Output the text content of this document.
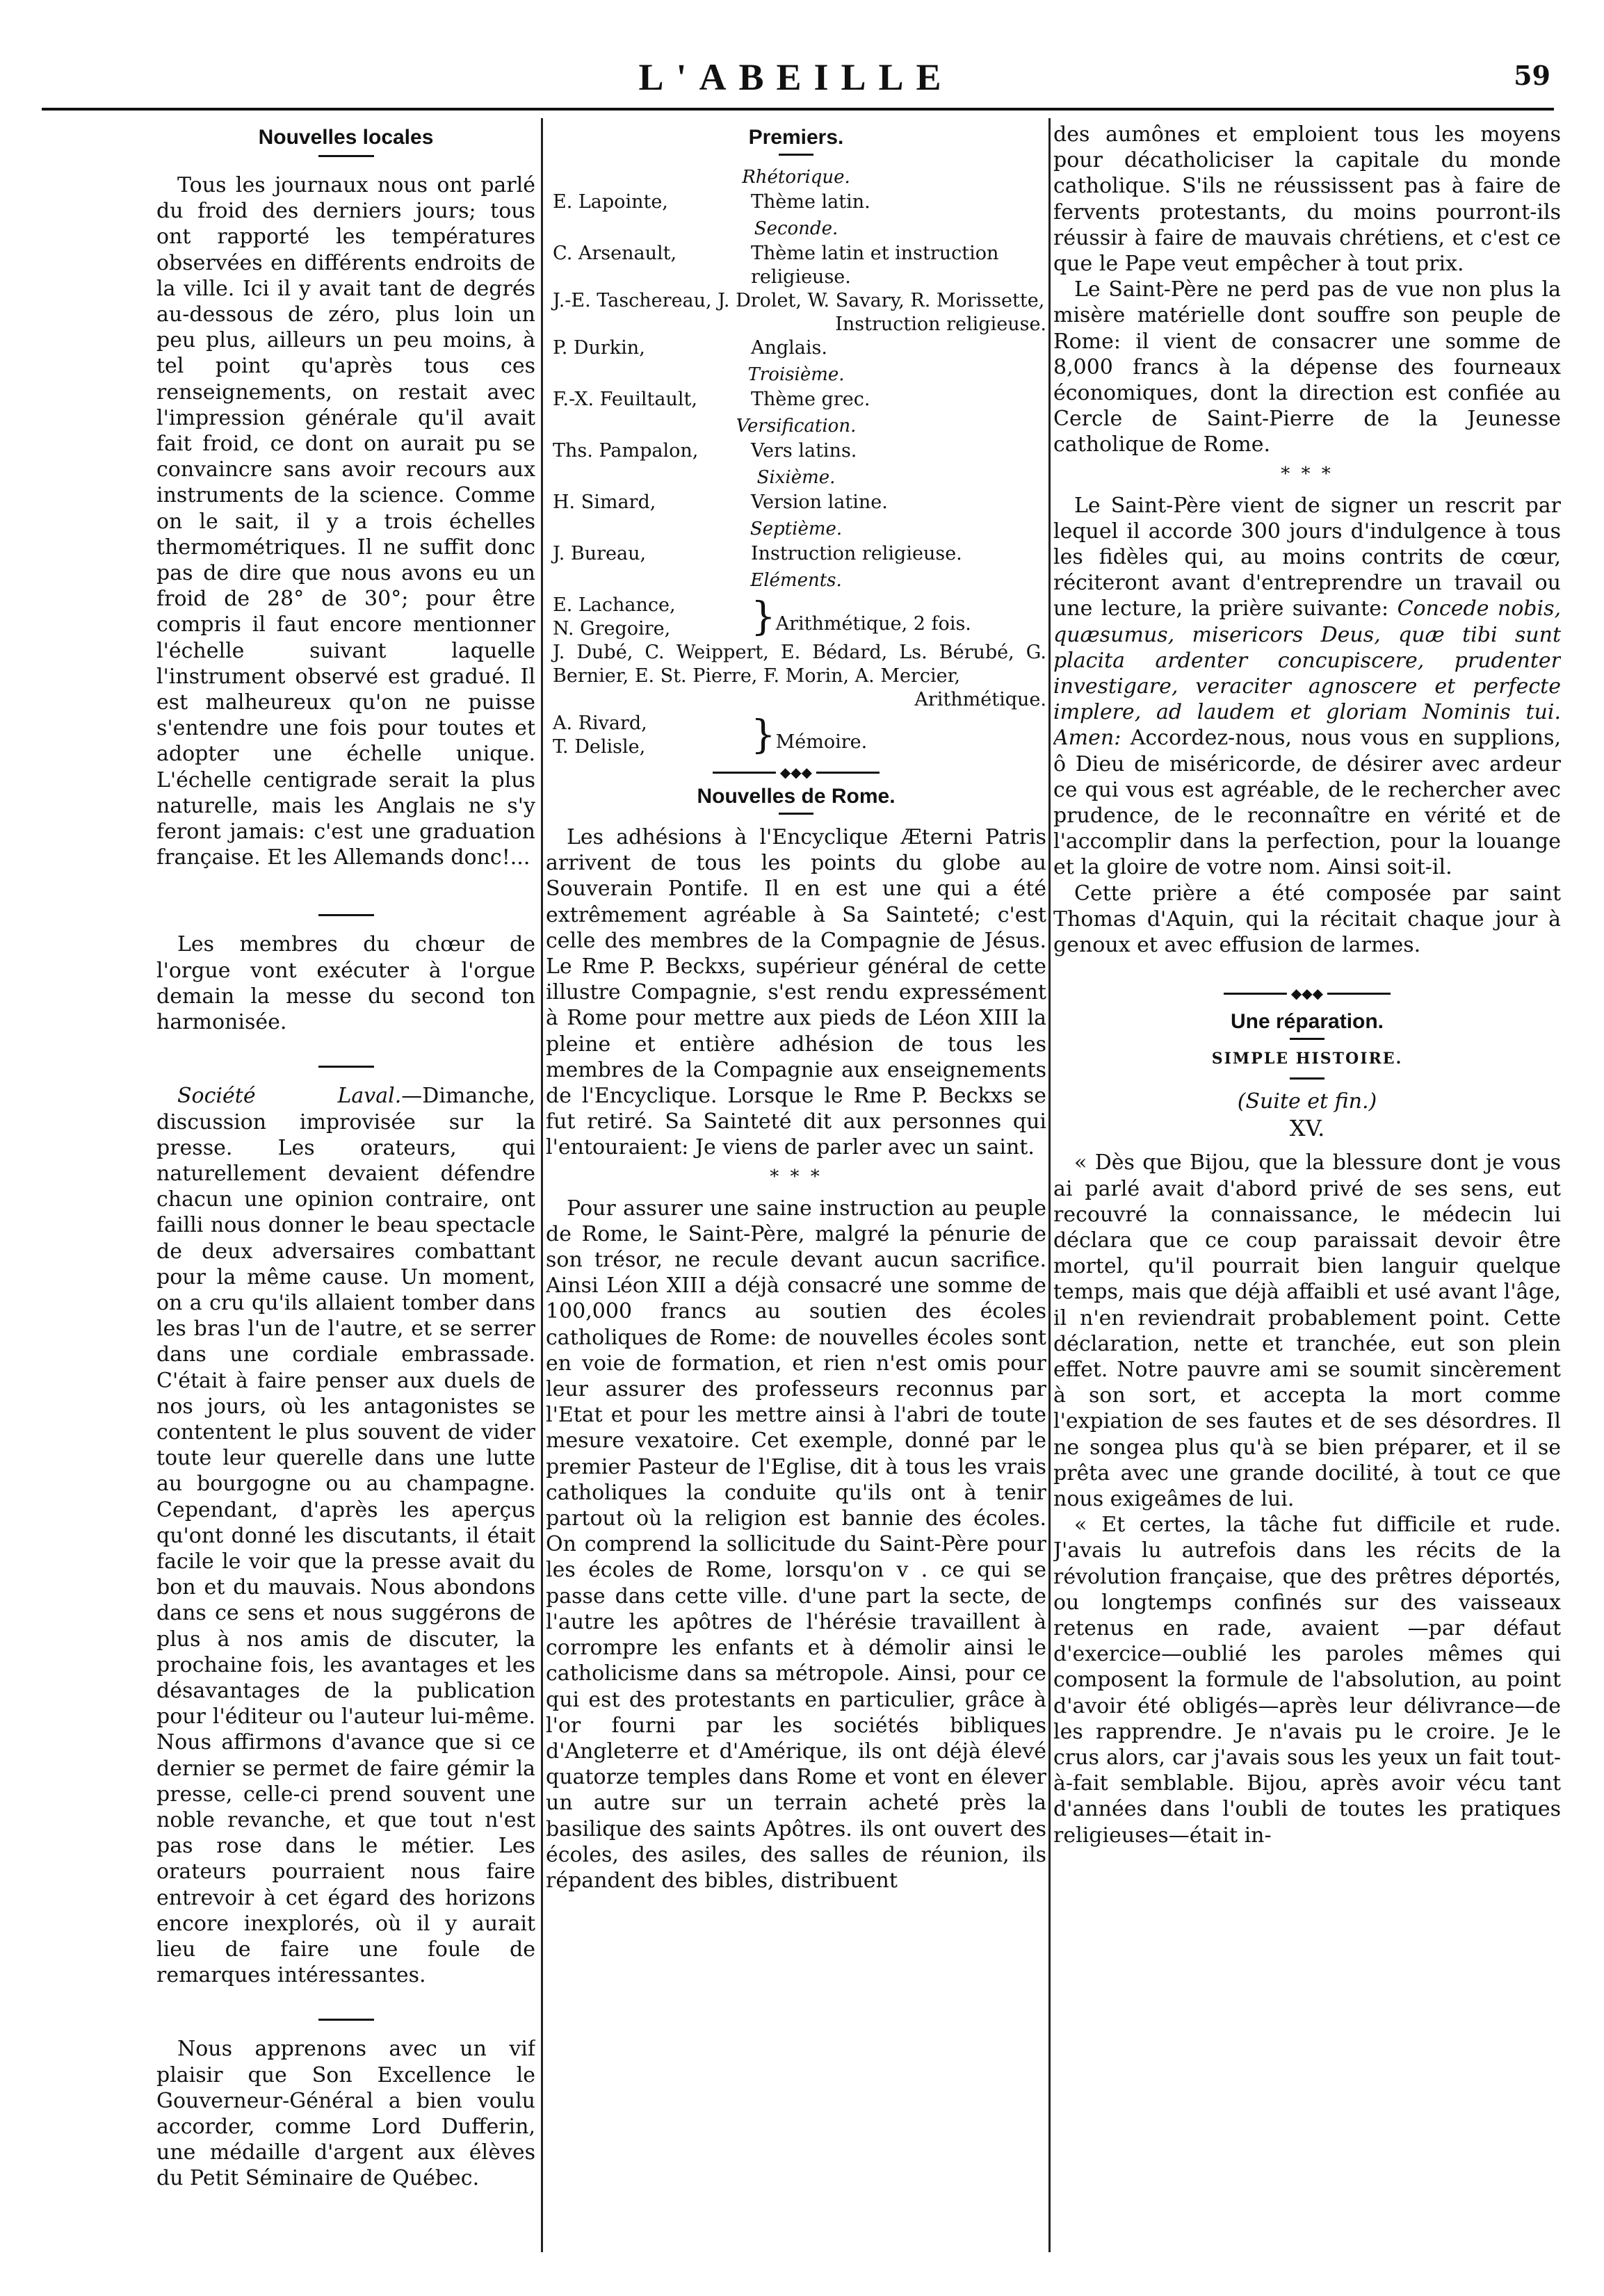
L'ABEILLE	59
Nouvelles locales

Tous les journaux nous ont parlé du froid des derniers jours; tous ont rapporté les températures observées en différents endroits de la ville. Ici il y avait tant de degrés au-dessous de zéro, plus loin un peu plus, ailleurs un peu moins, à tel point qu'après tous ces renseignements, on restait avec l'impression générale qu'il avait fait froid, ce dont on aurait pu se convaincre sans avoir recours aux instruments de la science. Comme on le sait, il y a trois échelles thermométriques. Il ne suffit donc pas de dire que nous avons eu un froid de 28° de 30°; pour être compris il faut encore mentionner l'échelle suivant laquelle l'instrument observé est gradué. Il est malheureux qu'on ne puisse s'entendre une fois pour toutes et adopter une échelle unique. L'échelle centigrade serait la plus naturelle, mais les Anglais ne s'y feront jamais: c'est une graduation française. Et les Allemands donc!...

Les membres du chœur de l'orgue vont exécuter à l'orgue demain la messe du second ton harmonisée.

Société Laval.—Dimanche, discussion improvisée sur la presse. Les orateurs, qui naturellement devaient défendre chacun une opinion contraire, ont failli nous donner le beau spectacle de deux adversaires combattant pour la même cause. Un moment, on a cru qu'ils allaient tomber dans les bras l'un de l'autre, et se serrer dans une cordiale embrassade. C'était à faire penser aux duels de nos jours, où les antagonistes se contentent le plus souvent de vider toute leur querelle dans une lutte au bourgogne ou au champagne. Cependant, d'après les aperçus qu'ont donné les discutants, il était facile le voir que la presse avait du bon et du mauvais. Nous abondons dans ce sens et nous suggérons de plus à nos amis de discuter, la prochaine fois, les avantages et les désavantages de la publication pour l'éditeur ou l'auteur lui-même. Nous affirmons d'avance que si ce dernier se permet de faire gémir la presse, celle-ci prend souvent une noble revanche, et que tout n'est pas rose dans le métier. Les orateurs pourraient nous faire entrevoir à cet égard des horizons encore inexplorés, où il y aurait lieu de faire une foule de remarques intéressantes.

Nous apprenons avec un vif plaisir que Son Excellence le Gouverneur-Général a bien voulu accorder, comme Lord Dufferin, une médaille d'argent aux élèves du Petit Séminaire de Québec.

Premiers.
Rhétorique.
E. Lapointe,	Thème latin.
Seconde.
C. Arsenault,	Thème latin et instruction religieuse.
J.-E. Taschereau, J. Drolet, W. Savary, R. Morissette,
Instruction religieuse.
P. Durkin,	Anglais.
Troisième.
F.-X. Feuiltault,	Thème grec.
Versification.
Ths. Pampalon,	Vers latins.
Sixième.
H. Simard,	Version latine.
Septième.
J. Bureau,	Instruction religieuse.
Eléments.
E. Lachance,
N. Gregoire,	}Arithmétique, 2 fois.
J. Dubé, C. Weippert, E. Bédard, Ls. Bérubé, G. Bernier, E. St. Pierre, F. Morin, A. Mercier,
Arithmétique.
A. Rivard,
T. Delisle,	}Mémoire.
◆◆◆
Nouvelles de Rome.

Les adhésions à l'Encyclique Æterni Patris arrivent de tous les points du globe au Souverain Pontife. Il en est une qui a été extrêmement agréable à Sa Sainteté; c'est celle des membres de la Compagnie de Jésus. Le Rme P. Beckxs, supérieur général de cette illustre Compagnie, s'est rendu expressément à Rome pour mettre aux pieds de Léon XIII la pleine et entière adhésion de tous les membres de la Compagnie aux enseignements de l'Encyclique. Lorsque le Rme P. Beckxs se fut retiré. Sa Sainteté dit aux personnes qui l'entouraient: Je viens de parler avec un saint.

* * *

Pour assurer une saine instruction au peuple de Rome, le Saint-Père, malgré la pénurie de son trésor, ne recule devant aucun sacrifice. Ainsi Léon XIII a déjà consacré une somme de 100,000 francs au soutien des écoles catholiques de Rome: de nouvelles écoles sont en voie de formation, et rien n'est omis pour leur assurer des professeurs reconnus par l'Etat et pour les mettre ainsi à l'abri de toute mesure vexatoire. Cet exemple, donné par le premier Pasteur de l'Eglise, dit à tous les vrais catholiques la conduite qu'ils ont à tenir partout où la religion est bannie des écoles. On comprend la sollicitude du Saint-Père pour les écoles de Rome, lorsqu'on v . ce qui se passe dans cette ville. d'une part la secte, de l'autre les apôtres de l'hérésie travaillent à corrompre les enfants et à démolir ainsi le catholicisme dans sa métropole. Ainsi, pour ce qui est des protestants en particulier, grâce à l'or fourni par les sociétés bibliques d'Angleterre et d'Amérique, ils ont déjà élevé quatorze temples dans Rome et vont en élever un autre sur un terrain acheté près la basilique des saints Apôtres. ils ont ouvert des écoles, des asiles, des salles de réunion, ils répandent des bibles, distribuent

des aumônes et emploient tous les moyens pour décatholiciser la capitale du monde catholique. S'ils ne réussissent pas à faire de fervents protestants, du moins pourront-ils réussir à faire de mauvais chrétiens, et c'est ce que le Pape veut empêcher à tout prix.

Le Saint-Père ne perd pas de vue non plus la misère matérielle dont souffre son peuple de Rome: il vient de consacrer une somme de 8,000 francs à la dépense des fourneaux économiques, dont la direction est confiée au Cercle de Saint-Pierre de la Jeunesse catholique de Rome.

* * *

Le Saint-Père vient de signer un rescrit par lequel il accorde 300 jours d'indulgence à tous les fidèles qui, au moins contrits de cœur, réciteront avant d'entreprendre un travail ou une lecture, la prière suivante: Concede nobis, quæsumus, misericors Deus, quæ tibi sunt placita ardenter concupiscere, prudenter investigare, veraciter agnoscere et perfecte implere, ad laudem et gloriam Nominis tui. Amen: Accordez-nous, nous vous en supplions, ô Dieu de miséricorde, de désirer avec ardeur ce qui vous est agréable, de le rechercher avec prudence, de le reconnaître en vérité et de l'accomplir dans la perfection, pour la louange et la gloire de votre nom. Ainsi soit-il.

Cette prière a été composée par saint Thomas d'Aquin, qui la récitait chaque jour à genoux et avec effusion de larmes.

◆◆◆
Une réparation.
SIMPLE HISTOIRE.
(Suite et fin.)
XV.

« Dès que Bijou, que la blessure dont je vous ai parlé avait d'abord privé de ses sens, eut recouvré la connaissance, le médecin lui déclara que ce coup paraissait devoir être mortel, qu'il pourrait bien languir quelque temps, mais que déjà affaibli et usé avant l'âge, il n'en reviendrait probablement point. Cette déclaration, nette et tranchée, eut son plein effet. Notre pauvre ami se soumit sincèrement à son sort, et accepta la mort comme l'expiation de ses fautes et de ses désordres. Il ne songea plus qu'à se bien préparer, et il se prêta avec une grande docilité, à tout ce que nous exigeâmes de lui.

« Et certes, la tâche fut difficile et rude. J'avais lu autrefois dans les récits de la révolution française, que des prêtres déportés, ou longtemps confinés sur des vaisseaux retenus en rade, avaient —par défaut d'exercice—oublié les paroles mêmes qui composent la formule de l'absolution, au point d'avoir été obligés—après leur délivrance—de les rapprendre. Je n'avais pu le croire. Je le crus alors, car j'avais sous les yeux un fait tout-à-fait semblable. Bijou, après avoir vécu tant d'années dans l'oubli de toutes les pratiques religieuses—était in-
